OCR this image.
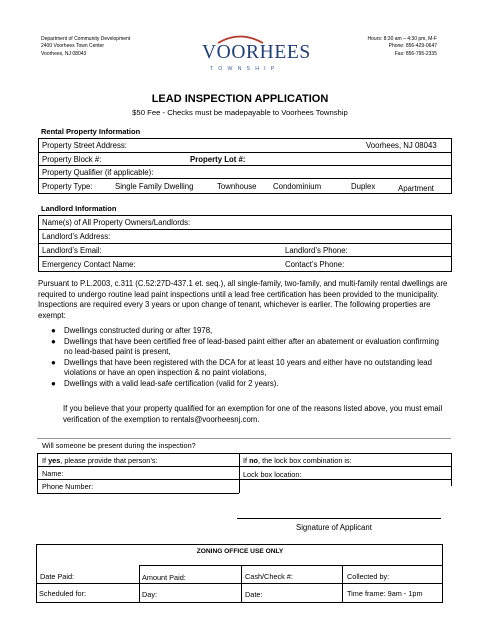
Department of Community Development
2400 Voorhees Town Center
Voorhees, NJ 08043	VOORHEES
TOWNSHIP
Hours: 8:30 am – 4:30 pm, M-F
Phone: 856-429-0647
Fax: 856-795-2335
LEAD INSPECTION APPLICATION
$50 Fee - Checks must be madepayable to Voorhees Township
Rental Property Information
Property Street Address:	Voorhees, NJ 08043
Property Block #:	Property Lot #:
Property Qualifier (if applicable):
Property Type:	Single Family Dwelling	Townhouse Condominium	Duplex	Apartment
Landlord Information
Name(s) of All Property Owners/Landlords:
Landlord’s Address:
Landlord’s Email:	Landlord’s Phone:
Emergency Contact Name:	Contact’s Phone:
Pursuant to P.L.2003, c.311 (C.52:27D-437.1 et. seq.), all single-family, two-family, and multi-family rental dwellings are required to undergo routine lead paint inspections until a lead free certification has been provided to the municipality. Inspections are required every 3 years or upon change of tenant, whichever is earlier. The following properties are exempt:
● Dwellings constructed during or after 1978,
● Dwellings that have been certified free of lead-based paint either after an abatement or evaluation confirming no lead-based paint is present,
● Dwellings that have been registered with the DCA for at least 10 years and either have no outstanding lead violations or have an open inspection & no paint violations,
● Dwellings with a valid lead-safe certification (valid for 2 years).
If you believe that your property qualified for an exemption for one of the reasons listed above, you must email verification of the exemption to rentals@voorheesnj.com.
Will someone be present during the inspection?
If yes, please provide that person’s:	If no, the lock box combination is:
Name:	Lock box location:
Phone Number:
Signature of Applicant
ZONING OFFICE USE ONLY
Date Paid:	Amount Paid:	Cash/Check #:	Collected by:
Scheduled for:	Day:	Date:	Time frame: 9am - 1pm
